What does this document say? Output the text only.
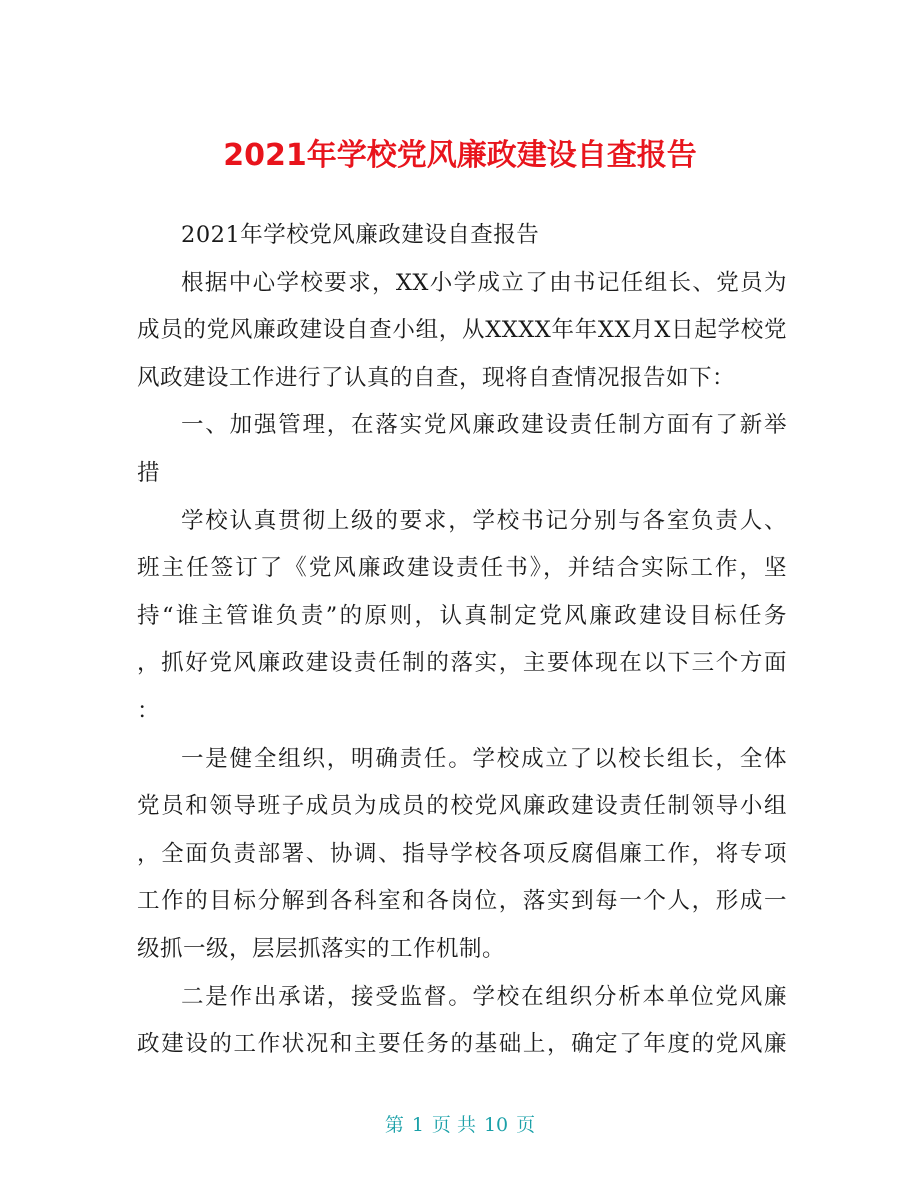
2021年学校党风廉政建设自查报告
2021年学校党风廉政建设自查报告
根据中心学校要求，XX小学成立了由书记任组长、党员为
成员的党风廉政建设自查小组，从XXXX年年XX月X日起学校党
风政建设工作进行了认真的自查，现将自查情况报告如下：
一、加强管理，在落实党风廉政建设责任制方面有了新举
措
学校认真贯彻上级的要求，学校书记分别与各室负责人、
班主任签订了《党风廉政建设责任书》，并结合实际工作，坚
持“谁主管谁负责”的原则，认真制定党风廉政建设目标任务
，抓好党风廉政建设责任制的落实，主要体现在以下三个方面
：
一是健全组织，明确责任。学校成立了以校长组长，全体
党员和领导班子成员为成员的校党风廉政建设责任制领导小组
，全面负责部署、协调、指导学校各项反腐倡廉工作，将专项
工作的目标分解到各科室和各岗位，落实到每一个人，形成一
级抓一级，层层抓落实的工作机制。
二是作出承诺，接受监督。学校在组织分析本单位党风廉
政建设的工作状况和主要任务的基础上，确定了年度的党风廉
第 1 页 共 10 页
